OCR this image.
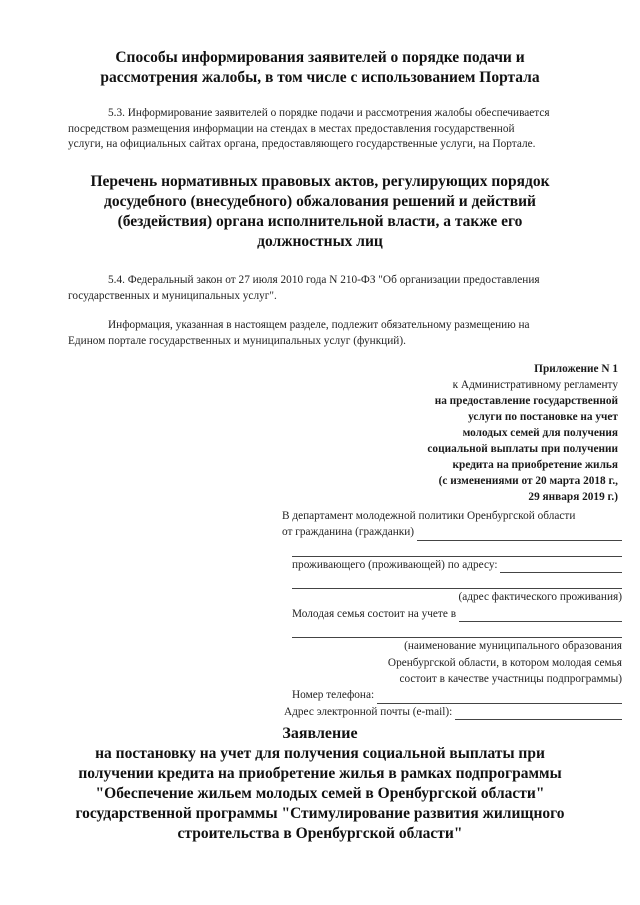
Способы информирования заявителей о порядке подачи и
рассмотрения жалобы, в том числе с использованием Портала
5.3. Информирование заявителей о порядке подачи и рассмотрения жалобы обеспечивается
посредством размещения информации на стендах в местах предоставления государственной
услуги, на официальных сайтах органа, предоставляющего государственные услуги, на Портале.
Перечень нормативных правовых актов, регулирующих порядок
досудебного (внесудебного) обжалования решений и действий
(бездействия) органа исполнительной власти, а также его
должностных лиц
5.4. Федеральный закон от 27 июля 2010 года N 210-ФЗ "Об организации предоставления
государственных и муниципальных услуг".
Информация, указанная в настоящем разделе, подлежит обязательному размещению на
Едином портале государственных и муниципальных услуг (функций).
Приложение N 1
к Административному регламенту
на предоставление государственной
услуги по постановке на учет
молодых семей для получения
социальной выплаты при получении
кредита на приобретение жилья
(с изменениями от 20 марта 2018 г.,
29 января 2019 г.)
В департамент молодежной политики Оренбургской области
от гражданина (гражданки)
проживающего (проживающей) по адресу:
(адрес фактического проживания)
Молодая семья состоит на учете в
(наименование муниципального образования
Оренбургской области, в котором молодая семья
состоит в качестве участницы подпрограммы)
Номер телефона:
Адрес электронной почты (e-mail):
Заявление
на постановку на учет для получения социальной выплаты при
получении кредита на приобретение жилья в рамках подпрограммы
"Обеспечение жильем молодых семей в Оренбургской области"
государственной программы "Стимулирование развития жилищного
строительства в Оренбургской области"
